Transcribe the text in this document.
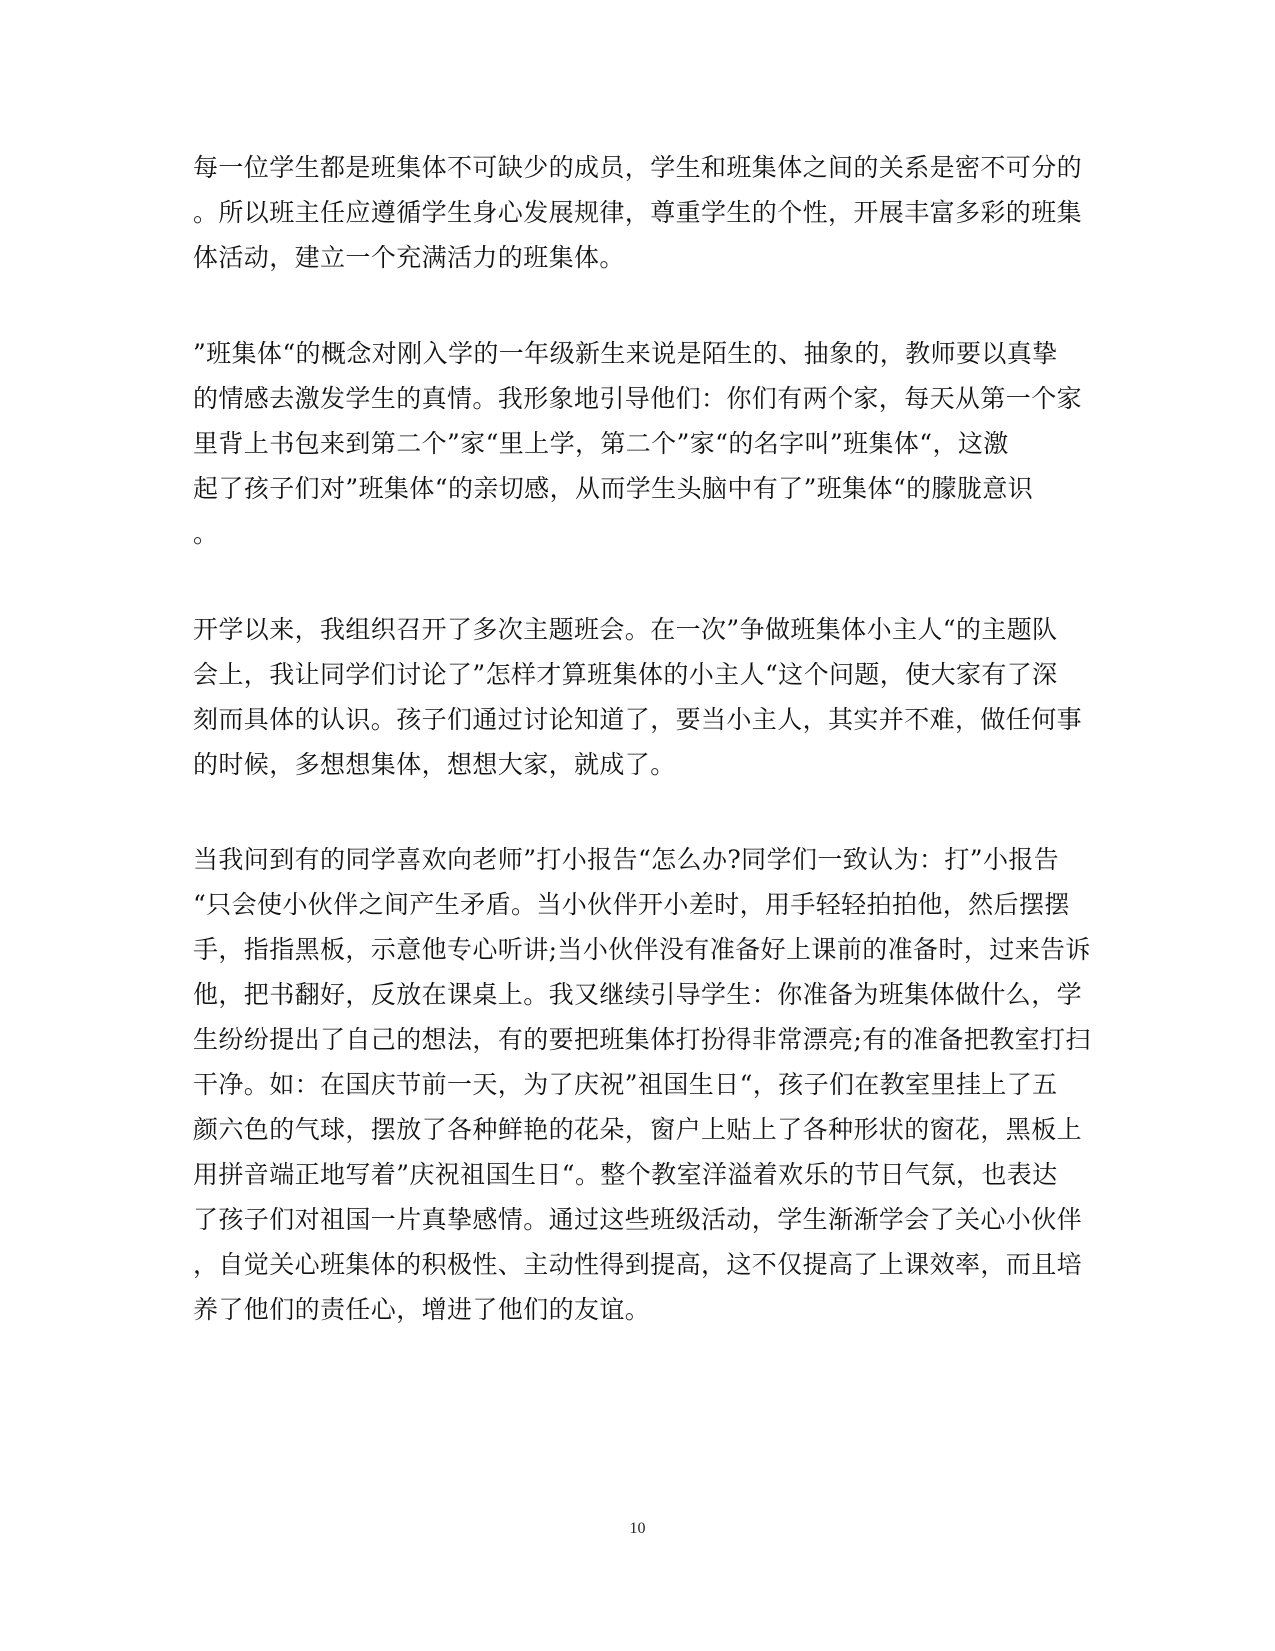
每一位学生都是班集体不可缺少的成员，学生和班集体之间的关系是密不可分的
。所以班主任应遵循学生身心发展规律，尊重学生的个性，开展丰富多彩的班集
体活动，建立一个充满活力的班集体。
”班集体“的概念对刚入学的一年级新生来说是陌生的、抽象的，教师要以真挚
的情感去激发学生的真情。我形象地引导他们：你们有两个家，每天从第一个家
里背上书包来到第二个”家“里上学，第二个”家“的名字叫”班集体“，这激
起了孩子们对”班集体“的亲切感，从而学生头脑中有了”班集体“的朦胧意识
。
开学以来，我组织召开了多次主题班会。在一次”争做班集体小主人“的主题队
会上，我让同学们讨论了”怎样才算班集体的小主人“这个问题，使大家有了深
刻而具体的认识。孩子们通过讨论知道了，要当小主人，其实并不难，做任何事
的时候，多想想集体，想想大家，就成了。
当我问到有的同学喜欢向老师”打小报告“怎么办?同学们一致认为：打”小报告
“只会使小伙伴之间产生矛盾。当小伙伴开小差时，用手轻轻拍拍他，然后摆摆
手，指指黑板，示意他专心听讲;当小伙伴没有准备好上课前的准备时，过来告诉
他，把书翻好，反放在课桌上。我又继续引导学生：你准备为班集体做什么，学
生纷纷提出了自己的想法，有的要把班集体打扮得非常漂亮;有的准备把教室打扫
干净。如：在国庆节前一天，为了庆祝”祖国生日“，孩子们在教室里挂上了五
颜六色的气球，摆放了各种鲜艳的花朵，窗户上贴上了各种形状的窗花，黑板上
用拼音端正地写着”庆祝祖国生日“。整个教室洋溢着欢乐的节日气氛，也表达
了孩子们对祖国一片真挚感情。通过这些班级活动，学生渐渐学会了关心小伙伴
，自觉关心班集体的积极性、主动性得到提高，这不仅提高了上课效率，而且培
养了他们的责任心，增进了他们的友谊。
10
